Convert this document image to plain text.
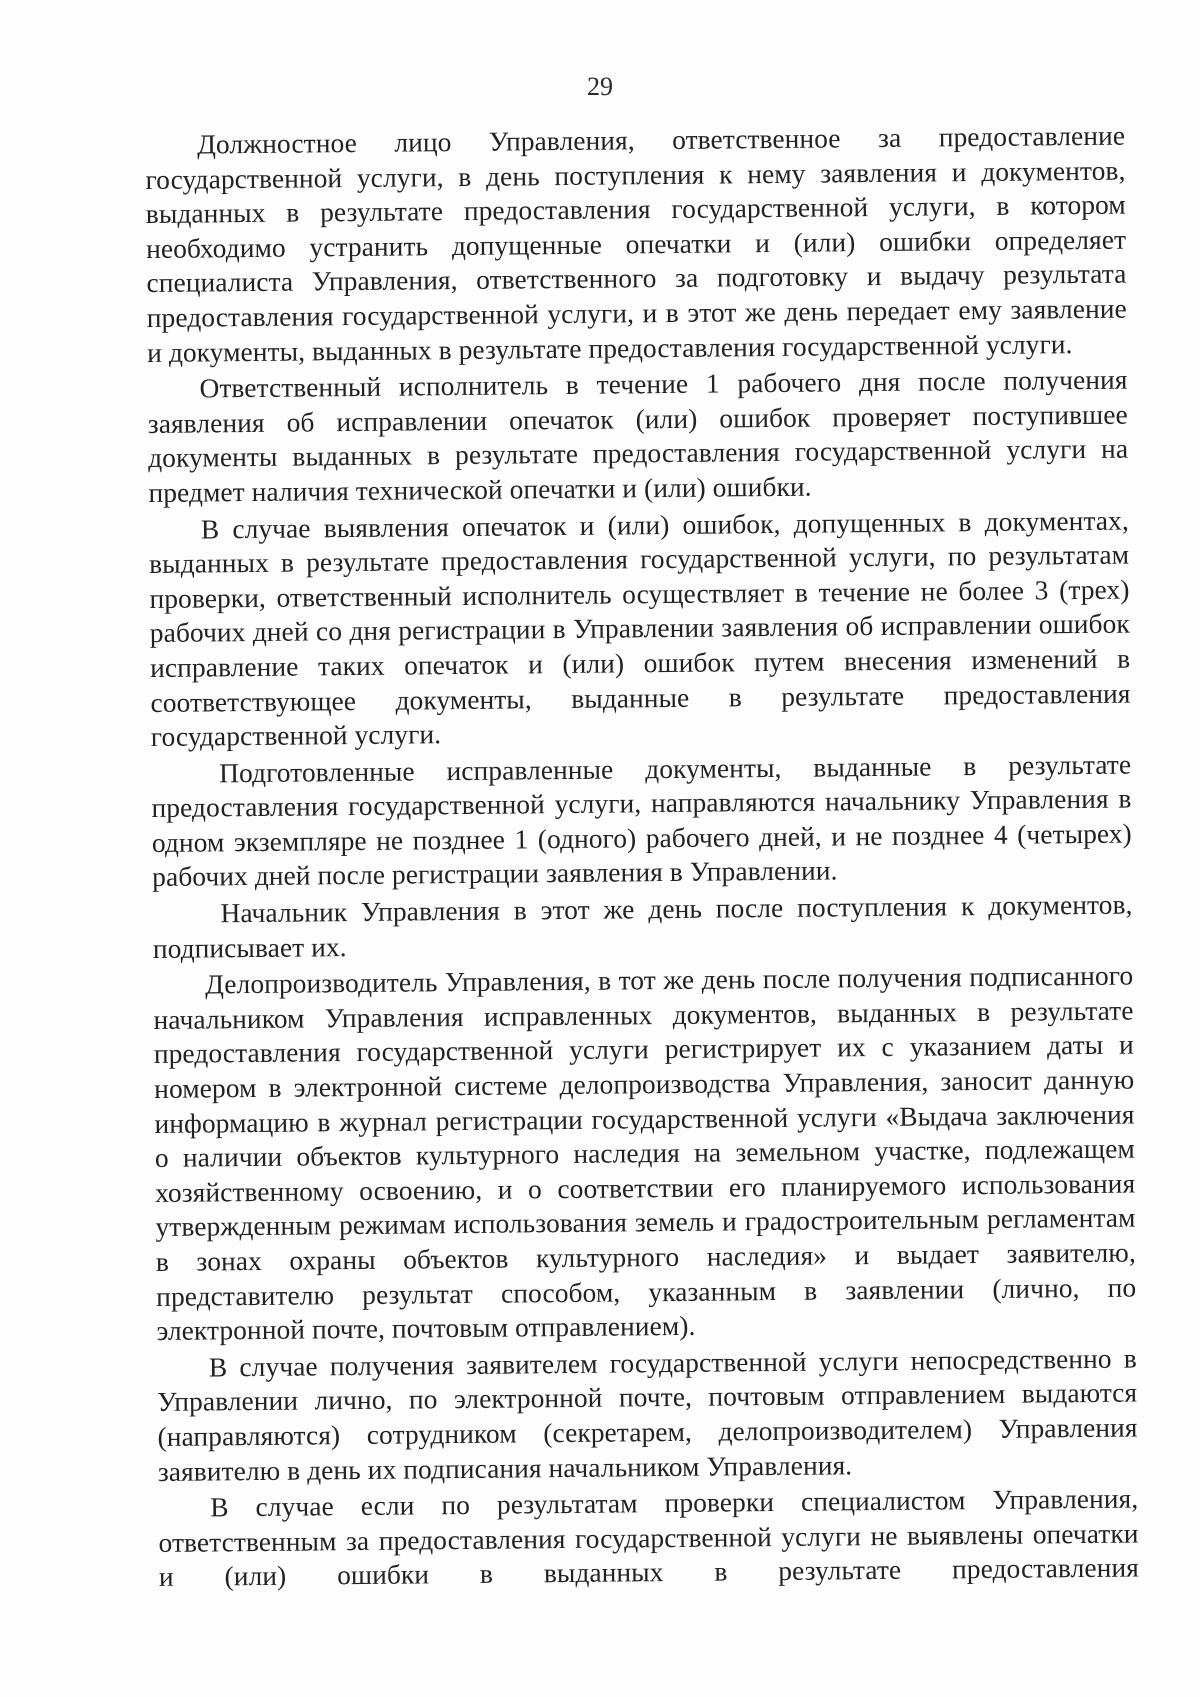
29

Должностное лицо Управления, ответственное за предоставление государственной услуги, в день поступления к нему заявления и документов, выданных в результате предоставления государственной услуги, в котором необходимо устранить допущенные опечатки и (или) ошибки определяет специалиста Управления, ответственного за подготовку и выдачу результата предоставления государственной услуги, и в этот же день передает ему заявление и документы, выданных в результате предоставления государственной услуги.

Ответственный исполнитель в течение 1 рабочего дня после получения заявления об исправлении опечаток (или) ошибок проверяет поступившее документы выданных в результате предоставления государственной услуги на предмет наличия технической опечатки и (или) ошибки.

В случае выявления опечаток и (или) ошибок, допущенных в документах, выданных в результате предоставления государственной услуги, по результатам проверки, ответственный исполнитель осуществляет в течение не более 3 (трех) рабочих дней со дня регистрации в Управлении заявления об исправлении ошибок исправление таких опечаток и (или) ошибок путем внесения изменений в соответствующее документы, выданные в результате предоставления государственной услуги.

Подготовленные исправленные документы, выданные в результате предоставления государственной услуги, направляются начальнику Управления в одном экземпляре не позднее 1 (одного) рабочего дней, и не позднее 4 (четырех) рабочих дней после регистрации заявления в Управлении.

Начальник Управления в этот же день после поступления к документов, подписывает их.

Делопроизводитель Управления, в тот же день после получения подписанного начальником Управления исправленных документов, выданных в результате предоставления государственной услуги регистрирует их с указанием даты и номером в электронной системе делопроизводства Управления, заносит данную информацию в журнал регистрации государственной услуги «Выдача заключения о наличии объектов культурного наследия на земельном участке, подлежащем хозяйственному освоению, и о соответствии его планируемого использования утвержденным режимам использования земель и градостроительным регламентам в зонах охраны объектов культурного наследия» и выдает заявителю, представителю результат способом, указанным в заявлении (лично, по электронной почте, почтовым отправлением).

В случае получения заявителем государственной услуги непосредственно в Управлении лично, по электронной почте, почтовым отправлением выдаются (направляются) сотрудником (секретарем, делопроизводителем) Управления заявителю в день их подписания начальником Управления.

В случае если по результатам проверки специалистом Управления, ответственным за предоставления государственной услуги не выявлены опечатки и (или) ошибки в выданных в результате предоставления
